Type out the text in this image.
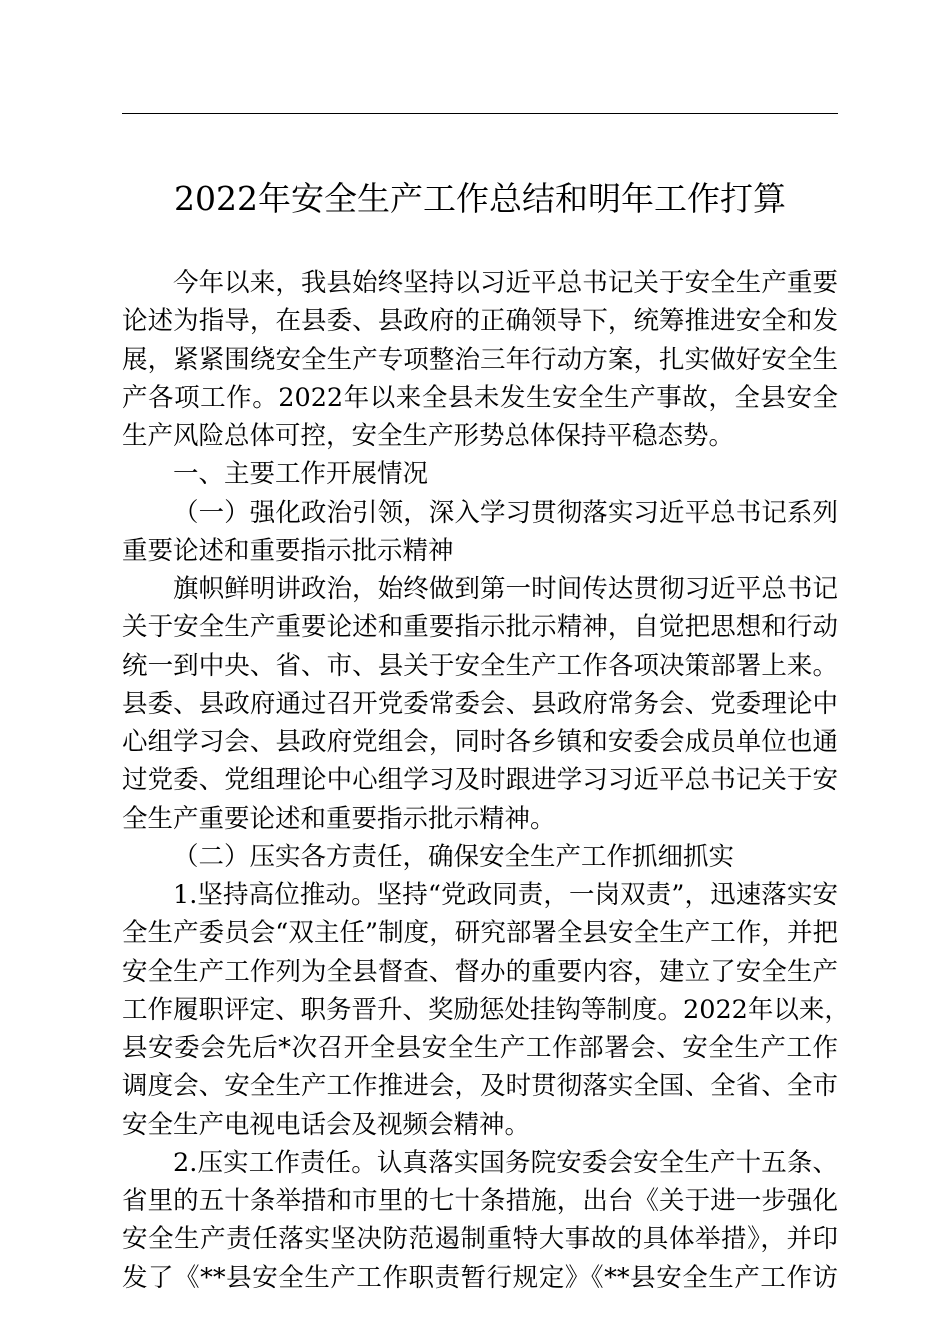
2022年安全生产工作总结和明年工作打算
今年以来，我县始终坚持以习近平总书记关于安全生产重要
论述为指导，在县委、县政府的正确领导下，统筹推进安全和发
展，紧紧围绕安全生产专项整治三年行动方案，扎实做好安全生
产各项工作。2022年以来全县未发生安全生产事故，全县安全
生产风险总体可控，安全生产形势总体保持平稳态势。
一、主要工作开展情况
（一）强化政治引领，深入学习贯彻落实习近平总书记系列
重要论述和重要指示批示精神
旗帜鲜明讲政治，始终做到第一时间传达贯彻习近平总书记
关于安全生产重要论述和重要指示批示精神，自觉把思想和行动
统一到中央、省、市、县关于安全生产工作各项决策部署上来。
县委、县政府通过召开党委常委会、县政府常务会、党委理论中
心组学习会、县政府党组会，同时各乡镇和安委会成员单位也通
过党委、党组理论中心组学习及时跟进学习习近平总书记关于安
全生产重要论述和重要指示批示精神。
（二）压实各方责任，确保安全生产工作抓细抓实
1.坚持高位推动。坚持“党政同责，一岗双责”，迅速落实安
全生产委员会“双主任”制度，研究部署全县安全生产工作，并把
安全生产工作列为全县督查、督办的重要内容，建立了安全生产
工作履职评定、职务晋升、奖励惩处挂钩等制度。2022年以来，
县安委会先后*次召开全县安全生产工作部署会、安全生产工作
调度会、安全生产工作推进会，及时贯彻落实全国、全省、全市
安全生产电视电话会及视频会精神。
2.压实工作责任。认真落实国务院安委会安全生产十五条、
省里的五十条举措和市里的七十条措施，出台《关于进一步强化
安全生产责任落实坚决防范遏制重特大事故的具体举措》，并印
发了《**县安全生产工作职责暂行规定》《**县安全生产工作访
